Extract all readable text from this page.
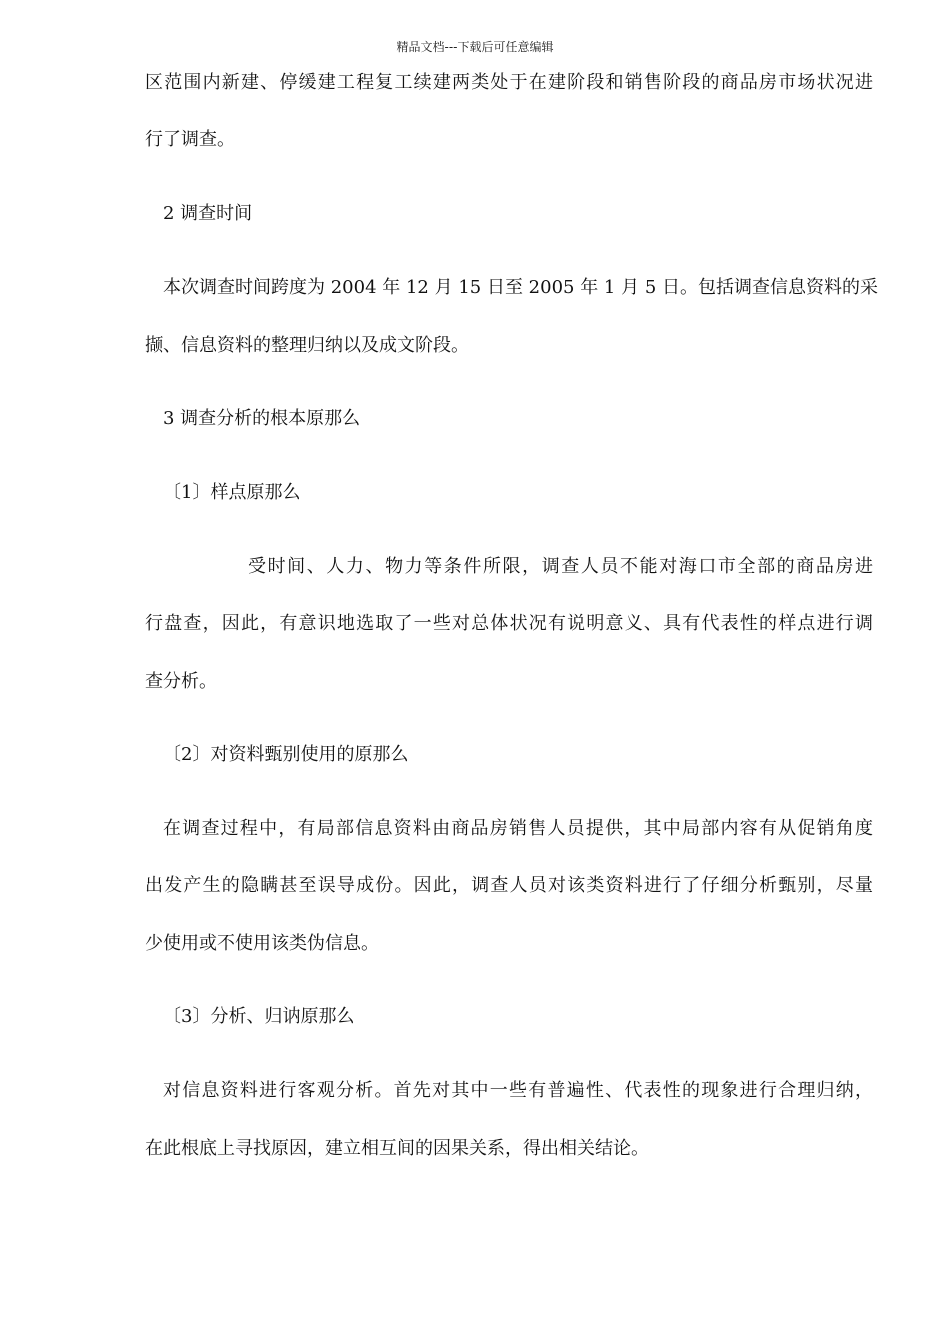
精品文档---下载后可任意编辑
区范围内新建、停缓建工程复工续建两类处于在建阶段和销售阶段的商品房市场状况进
行了调查。
2 调查时间
本次调查时间跨度为 2004 年 12 月 15 日至 2005 年 1 月 5 日。包括调查信息资料的采
撷、信息资料的整理归纳以及成文阶段。
3 调查分析的根本原那么
〔1〕样点原那么
受时间、人力、物力等条件所限，调查人员不能对海口市全部的商品房进
行盘查，因此，有意识地选取了一些对总体状况有说明意义、具有代表性的样点进行调
查分析。
〔2〕对资料甄别使用的原那么
在调查过程中，有局部信息资料由商品房销售人员提供，其中局部内容有从促销角度
出发产生的隐瞒甚至误导成份。因此，调查人员对该类资料进行了仔细分析甄别，尽量
少使用或不使用该类伪信息。
〔3〕分析、归讷原那么
对信息资料进行客观分析。首先对其中一些有普遍性、代表性的现象进行合理归纳，
在此根底上寻找原因，建立相互间的因果关系，得出相关结论。
